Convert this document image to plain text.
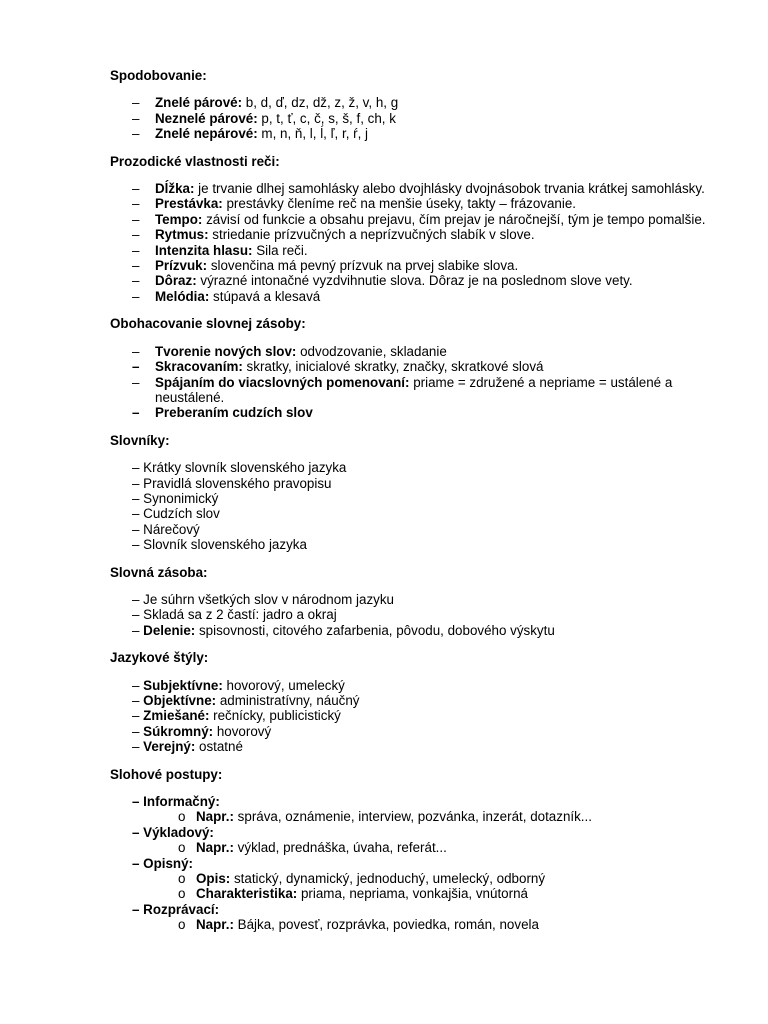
Spodobovanie:
– Znelé párové: b, d, ď, dz, dž, z, ž, v, h, g
– Neznelé párové: p, t, ť, c, č, s, š, f, ch, k
– Znelé nepárové: m, n, ň, l, ĺ, ľ, r, ŕ, j
Prozodické vlastnosti reči:
– Dĺžka: je trvanie dlhej samohlásky alebo dvojhlásky dvojnásobok trvania krátkej samohlásky.
– Prestávka: prestávky členíme reč na menšie úseky, takty – frázovanie.
– Tempo: závisí od funkcie a obsahu prejavu, čím prejav je náročnejší, tým je tempo pomalšie.
– Rytmus: striedanie prízvučných a neprízvučných slabík v slove.
– Intenzita hlasu: Sila reči.
– Prízvuk: slovenčina má pevný prízvuk na prvej slabike slova.
– Dôraz: výrazné intonačné vyzdvihnutie slova. Dôraz je na poslednom slove vety.
– Melódia: stúpavá a klesavá
Obohacovanie slovnej zásoby:
– Tvorenie nových slov: odvodzovanie, skladanie
– Skracovaním: skratky, inicialové skratky, značky, skratkové slová
– Spájaním do viacslovných pomenovaní: priame = združené a nepriame = ustálené a neustálené.
– Preberaním cudzích slov
Slovníky:
– Krátky slovník slovenského jazyka
– Pravidlá slovenského pravopisu
– Synonimický
– Cudzích slov
– Nárečový
– Slovník slovenského jazyka
Slovná zásoba:
– Je súhrn všetkých slov v národnom jazyku
– Skladá sa z 2 častí: jadro a okraj
– Delenie: spisovnosti, citového zafarbenia, pôvodu, dobového výskytu
Jazykové štýly:
– Subjektívne: hovorový, umelecký
– Objektívne: administratívny, náučný
– Zmiešané: rečnícky, publicistický
– Súkromný: hovorový
– Verejný: ostatné
Slohové postupy:
– Informačný:
o Napr.: správa, oznámenie, interview, pozvánka, inzerát, dotazník...
– Výkladový:
o Napr.: výklad, prednáška, úvaha, referát...
– Opisný:
o Opis: statický, dynamický, jednoduchý, umelecký, odborný
o Charakteristika: priama, nepriama, vonkajšia, vnútorná
– Rozprávací:
o Napr.: Bájka, povesť, rozprávka, poviedka, román, novela
